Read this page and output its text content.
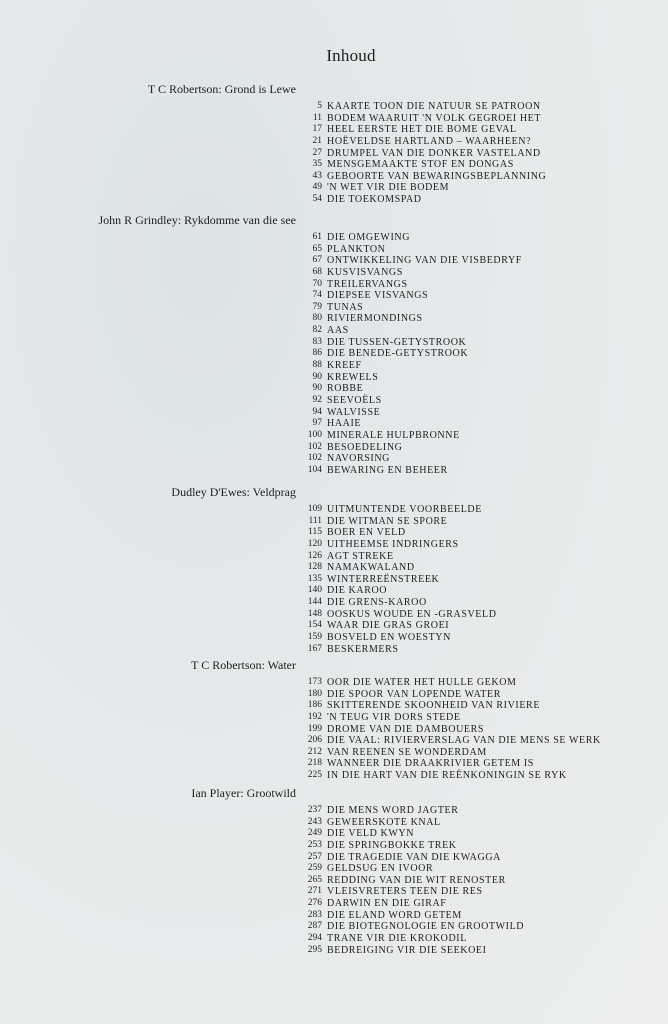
Inhoud
T C Robertson: Grond is Lewe
5 KAARTE TOON DIE NATUUR SE PATROON
11 BODEM WAARUIT 'N VOLK GEGROEI HET
17 HEEL EERSTE HET DIE BOME GEVAL
21 HOËVELDSE HARTLAND – WAARHEEN?
27 DRUMPEL VAN DIE DONKER VASTELAND
35 MENSGEMAAKTE STOF EN DONGAS
43 GEBOORTE VAN BEWARINGSBEPLANNING
49 'N WET VIR DIE BODEM
54 DIE TOEKOMSPAD
John R Grindley: Rykdomme van die see
61 DIE OMGEWING
65 PLANKTON
67 ONTWIKKELING VAN DIE VISBEDRYF
68 KUSVISVANGS
70 TREILERVANGS
74 DIEPSEE VISVANGS
79 TUNAS
80 RIVIERMONDINGS
82 AAS
83 DIE TUSSEN-GETYSTROOK
86 DIE BENEDE-GETYSTROOK
88 KREEF
90 KREWELS
90 ROBBE
92 SEEVOËLS
94 WALVISSE
97 HAAIE
100 MINERALE HULPBRONNE
102 BESOEDELING
102 NAVORSING
104 BEWARING EN BEHEER
Dudley D'Ewes: Veldprag
109 UITMUNTENDE VOORBEELDE
111 DIE WITMAN SE SPORE
115 BOER EN VELD
120 UITHEEMSE INDRINGERS
126 AGT STREKE
128 NAMAKWALAND
135 WINTERREËNSTREEK
140 DIE KAROO
144 DIE GRENS-KAROO
148 OOSKUS WOUDE EN -GRASVELD
154 WAAR DIE GRAS GROEI
159 BOSVELD EN WOESTYN
167 BESKERMERS
T C Robertson: Water
173 OOR DIE WATER HET HULLE GEKOM
180 DIE SPOOR VAN LOPENDE WATER
186 SKITTERENDE SKOONHEID VAN RIVIERE
192 'N TEUG VIR DORS STEDE
199 DROME VAN DIE DAMBOUERS
206 DIE VAAL: RIVIERVERSLAG VAN DIE MENS SE WERK
212 VAN REENEN SE WONDERDAM
218 WANNEER DIE DRAAKRIVIER GETEM IS
225 IN DIE HART VAN DIE REËNKONINGIN SE RYK
Ian Player: Grootwild
237 DIE MENS WORD JAGTER
243 GEWEERSKOTE KNAL
249 DIE VELD KWYN
253 DIE SPRINGBOKKE TREK
257 DIE TRAGEDIE VAN DIE KWAGGA
259 GELDSUG EN IVOOR
265 REDDING VAN DIE WIT RENOSTER
271 VLEISVRETERS TEEN DIE RES
276 DARWIN EN DIE GIRAF
283 DIE ELAND WORD GETEM
287 DIE BIOTEGNOLOGIE EN GROOTWILD
294 TRANE VIR DIE KROKODIL
295 BEDREIGING VIR DIE SEEKOEI
